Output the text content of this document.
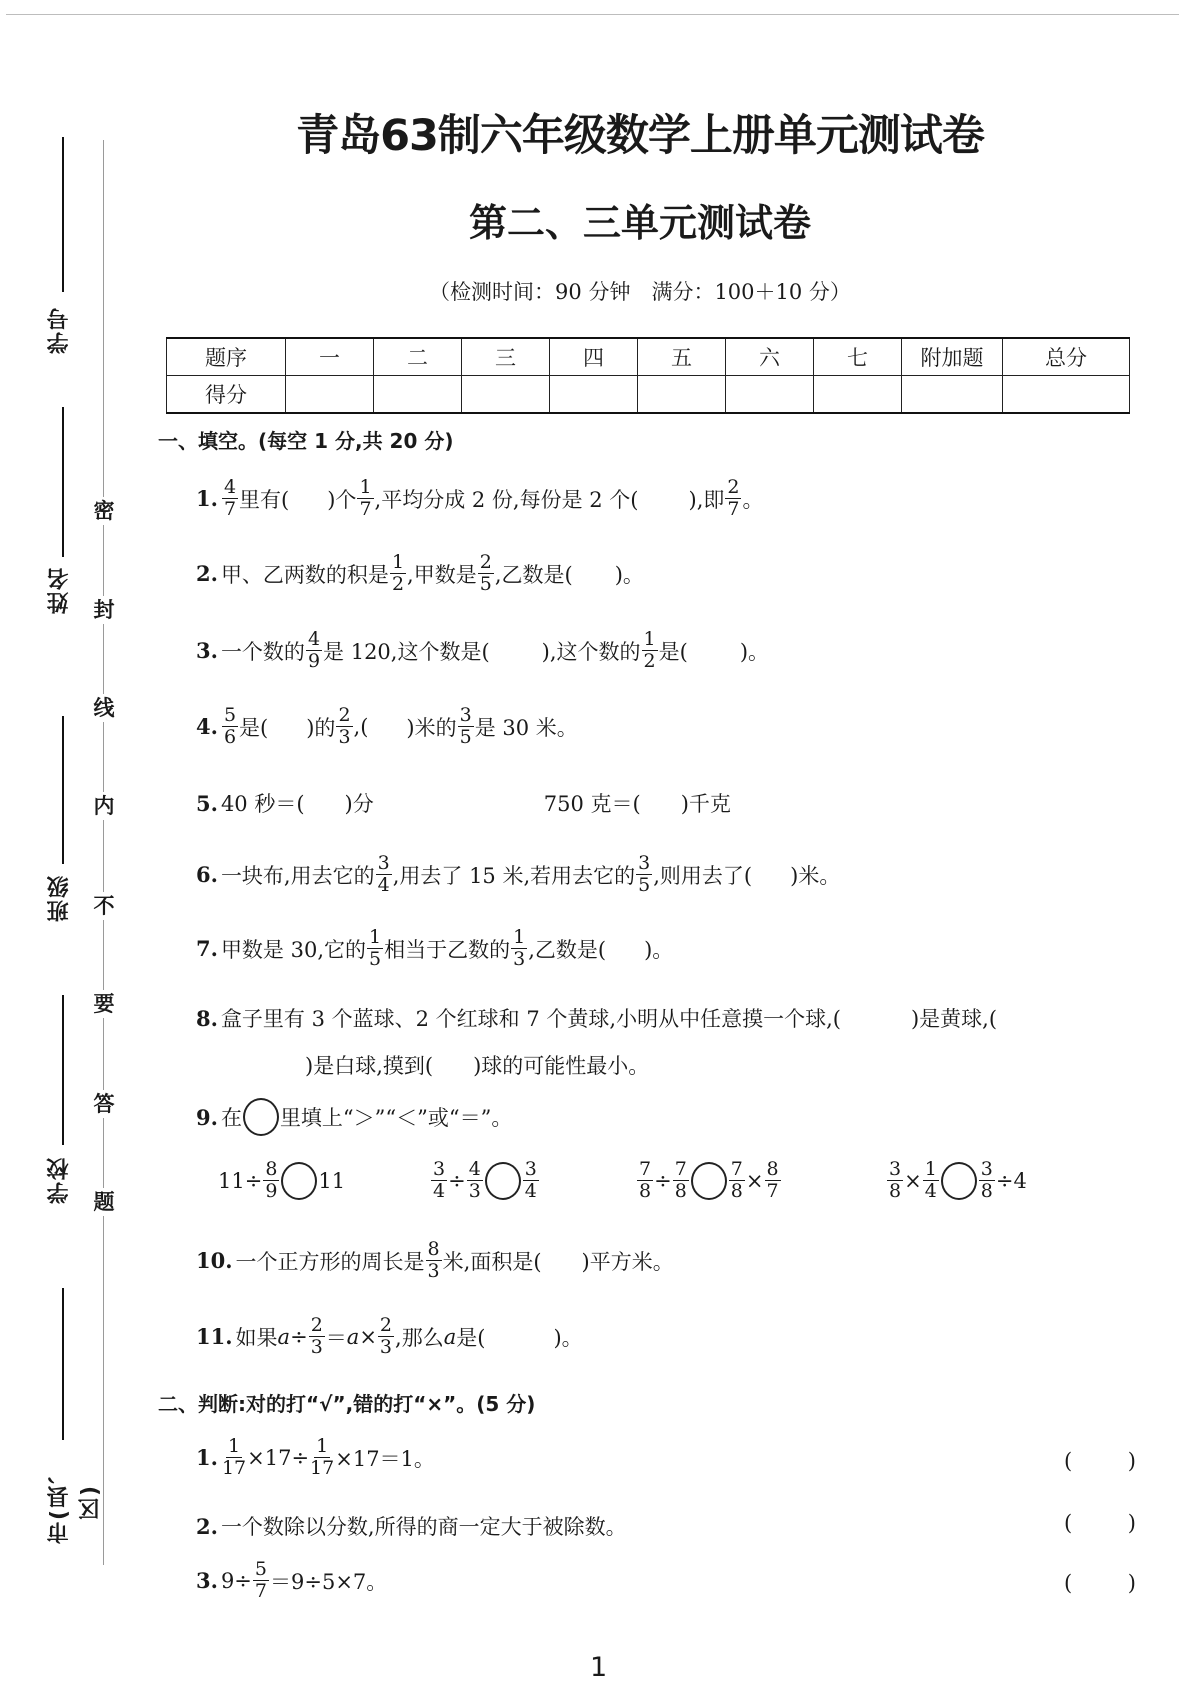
学号
姓名
班级
学校
市(县、区)
密
封
线
内
不
要
答
题
青岛63制六年级数学上册单元测试卷
第二、三单元测试卷
（检测时间：90 分钟　满分：100＋10 分）
题序	一	二	三	四	五	六	七	附加题	总分
得分									
一、填空。(每空 1 分,共 20 分)
1. $\frac{4}{7}$ 里有( )个 $\frac{1}{7}$ ,平均分成 2 份,每份是 2 个( ),即 $\frac{2}{7}$ 。
2. 甲、乙两数的积是 $\frac{1}{2}$ ,甲数是 $\frac{2}{5}$ ,乙数是( )。
3. 一个数的 $\frac{4}{9}$ 是 120,这个数是( ),这个数的 $\frac{1}{2}$ 是( )。
4. $\frac{5}{6}$ 是( )的 $\frac{2}{3}$ ,( )米的 $\frac{3}{5}$ 是 30 米。
5. 40 秒＝( )分	750 克＝( )千克
6. 一块布,用去它的 $\frac{3}{4}$ ,用去了 15 米,若用去它的 $\frac{3}{5}$ ,则用去了( )米。
7. 甲数是 30,它的 $\frac{1}{5}$ 相当于乙数的 $\frac{1}{3}$ ,乙数是( )。
8. 盒子里有 3 个蓝球、2 个红球和 7 个黄球,小明从中任意摸一个球,(	)是黄球,(
)是白球,摸到( )球的可能性最小。
9. 在 里填上“＞”“＜”或“＝”。
$11\div \frac{8}{9} 11$	$\frac{3}{4} \div \frac{4}{3} \frac{3}{4}$	$\frac{7}{8} \div \frac{7}{8} \frac{7}{8} \times \frac{8}{7}$	$\frac{3}{8} \times \frac{1}{4} \frac{3}{8} \div 4$
10. 一个正方形的周长是 $\frac{8}{3}$ 米,面积是( )平方米。
11. 如果 $a \div \frac{2}{3} = a \times \frac{2}{3}$ ,那么 a 是(	)。
二、判断:对的打“√”,错的打“×”。(5 分)
1. $\frac{1}{17} \times 17\div \frac{1}{17} \times 17=1$。	(	)
2. 一个数除以分数,所得的商一定大于被除数。	(	)
3. $9\div \frac{5}{7} =9\div 5\times 7$。	(	)
1
